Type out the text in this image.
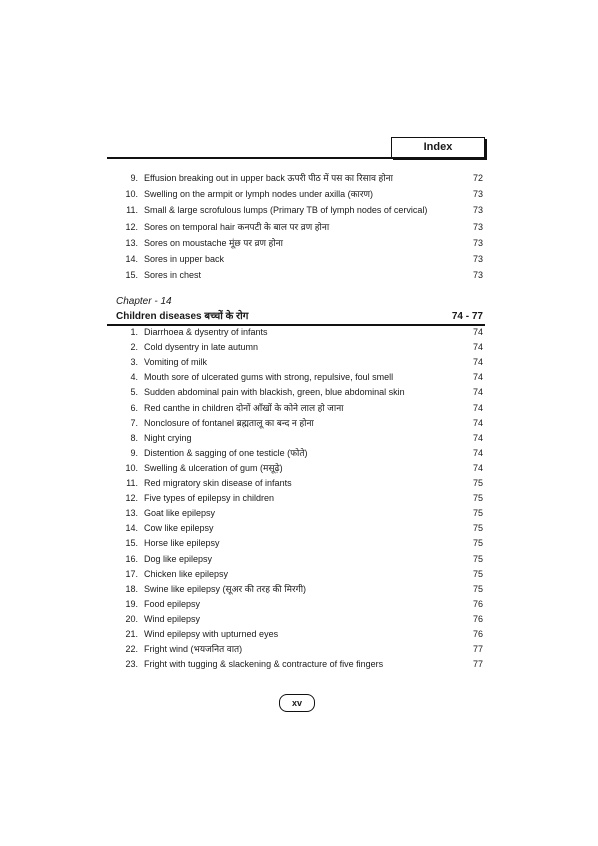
Index
9. Effusion breaking out in upper back ऊपरी पीठ में पस का रिसाव होना	72
10. Swelling on the armpit or lymph nodes under axilla (कारण)	73
11. Small & large scrofulous lumps (Primary TB of lymph nodes of cervical)	73
12. Sores on temporal hair कनपटी के बाल पर व्रण होना	73
13. Sores on moustache मूंछ पर व्रण होना	73
14. Sores in upper back	73
15. Sores in chest	73
Chapter - 14
Children diseases बच्चों के रोग	74 - 77
1. Diarrhoea & dysentry of infants	74
2. Cold dysentry in late autumn	74
3. Vomiting of milk	74
4. Mouth sore of ulcerated gums with strong, repulsive, foul smell	74
5. Sudden abdominal pain with blackish, green, blue abdominal skin	74
6. Red canthe in children दोनों आँखों के कोने लाल हो जाना	74
7. Nonclosure of fontanel ब्रह्मतालू का बन्द न होना	74
8. Night crying	74
9. Distention & sagging of one testicle (फोते)	74
10. Swelling & ulceration of gum (मसूढ़े)	74
11. Red migratory skin disease of infants	75
12. Five types of epilepsy in children	75
13. Goat like epilepsy	75
14. Cow like epilepsy	75
15. Horse like epilepsy	75
16. Dog like epilepsy	75
17. Chicken like epilepsy	75
18. Swine like epilepsy (सूअर की तरह की मिरगी)	75
19. Food epilepsy	76
20. Wind epilepsy	76
21. Wind epilepsy with upturned eyes	76
22. Fright wind (भयजनित वात)	77
23. Fright with tugging & slackening & contracture of five fingers	77
xv
